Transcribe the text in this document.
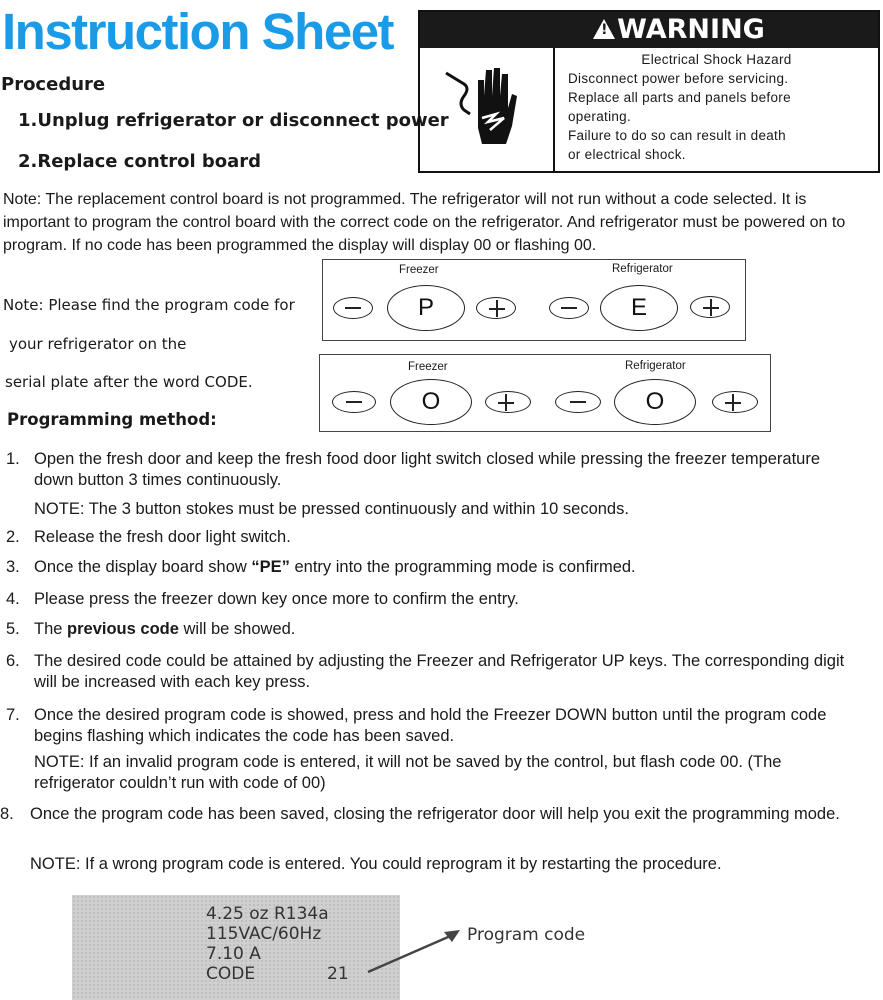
Instruction Sheet
Procedure
1.Unplug refrigerator or disconnect power
2.Replace control board
!WARNING
Electrical Shock Hazard
Disconnect power before servicing.
Replace all parts and panels before
operating.
Failure to do so can result in death
or electrical shock.
Note: The replacement control board is not programmed. The refrigerator will not run without a code selected. It is important to program the control board with the correct code on the refrigerator. And refrigerator must be powered on to program. If no code has been programmed the display will display 00 or flashing 00.
Note: Please find the program code for
your refrigerator on the
serial plate after the word CODE.
Freezer	Refrigerator
P	E
Freezer	Refrigerator
O	O
Programming method:
1. Open the fresh door and keep the fresh food door light switch closed while pressing the freezer temperature down button 3 times continuously.
NOTE: The 3 button stokes must be pressed continuously and within 10 seconds.
2. Release the fresh door light switch.
3. Once the display board show “PE” entry into the programming mode is confirmed.
4. Please press the freezer down key once more to confirm the entry.
5. The previous code will be showed.
6. The desired code could be attained by adjusting the Freezer and Refrigerator UP keys. The corresponding digit will be increased with each key press.
7. Once the desired program code is showed, press and hold the Freezer DOWN button until the program code begins flashing which indicates the code has been saved.
NOTE: If an invalid program code is entered, it will not be saved by the control, but flash code 00. (The refrigerator couldn’t run with code of 00)
8. Once the program code has been saved, closing the refrigerator door will help you exit the programming mode.
NOTE: If a wrong program code is entered. You could reprogram it by restarting the procedure.
4.25 oz R134a
115VAC/60Hz
7.10 A
CODE	21
Program code
